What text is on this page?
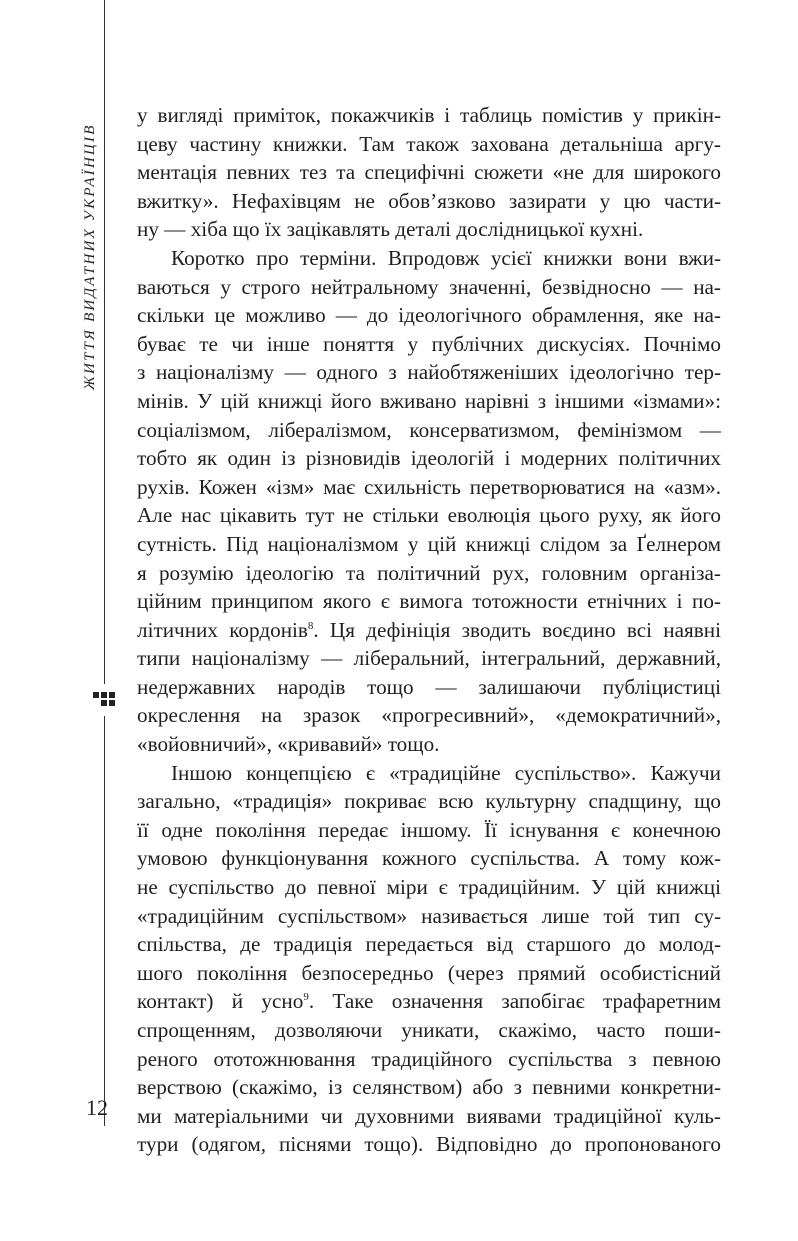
ЖИТТЯ ВИДАТНИХ УКРАЇНЦІВ
у вигляді приміток, покажчиків і таблиць помістив у прикін-
цеву частину книжки. Там також захована детальніша аргу-
ментація певних тез та специфічні сюжети «не для широкого
вжитку». Нефахівцям не обов’язково зазирати у цю части-
ну — хіба що їх зацікавлять деталі дослідницької кухні.
Коротко про терміни. Впродовж усієї книжки вони вжи-
ваються у строго нейтральному значенні, безвідносно — на-
скільки це можливо — до ідеологічного обрамлення, яке на-
буває те чи інше поняття у публічних дискусіях. Почнімо
з націоналізму — одного з найобтяженіших ідеологічно тер-
мінів. У цій книжці його вживано нарівні з іншими «ізмами»:
соціалізмом, лібералізмом, консерватизмом, фемінізмом —
тобто як один із різновидів ідеологій і модерних політичних
рухів. Кожен «ізм» має схильність перетворюватися на «азм».
Але нас цікавить тут не стільки еволюція цього руху, як його
сутність. Під націоналізмом у цій книжці слідом за Ґелнером
я розумію ідеологію та політичний рух, головним організа-
ційним принципом якого є вимога тотожности етнічних і по-
літичних кордонів$^8$. Ця дефініція зводить воєдино всі наявні
типи націоналізму — ліберальний, інтегральний, державний,
недержавних народів тощо — залишаючи публіцистиці
окреслення на зразок «прогресивний», «демократичний»,
«войовничий», «кривавий» тощо.
Іншою концепцією є «традиційне суспільство». Кажучи
загально, «традиція» покриває всю культурну спадщину, що
її одне покоління передає іншому. Її існування є конечною
умовою функціонування кожного суспільства. А тому кож-
не суспільство до певної міри є традиційним. У цій книжці
«традиційним суспільством» називається лише той тип су-
спільства, де традиція передається від старшого до молод-
шого покоління безпосередньо (через прямий особистісний
контакт) й усно$^9$. Таке означення запобігає трафаретним
спрощенням, дозволяючи уникати, скажімо, часто поши-
реного ототожнювання традиційного суспільства з певною
верствою (скажімо, із селянством) або з певними конкретни-
ми матеріальними чи духовними виявами традиційної куль-
тури (одягом, піснями тощо). Відповідно до пропонованого
12
